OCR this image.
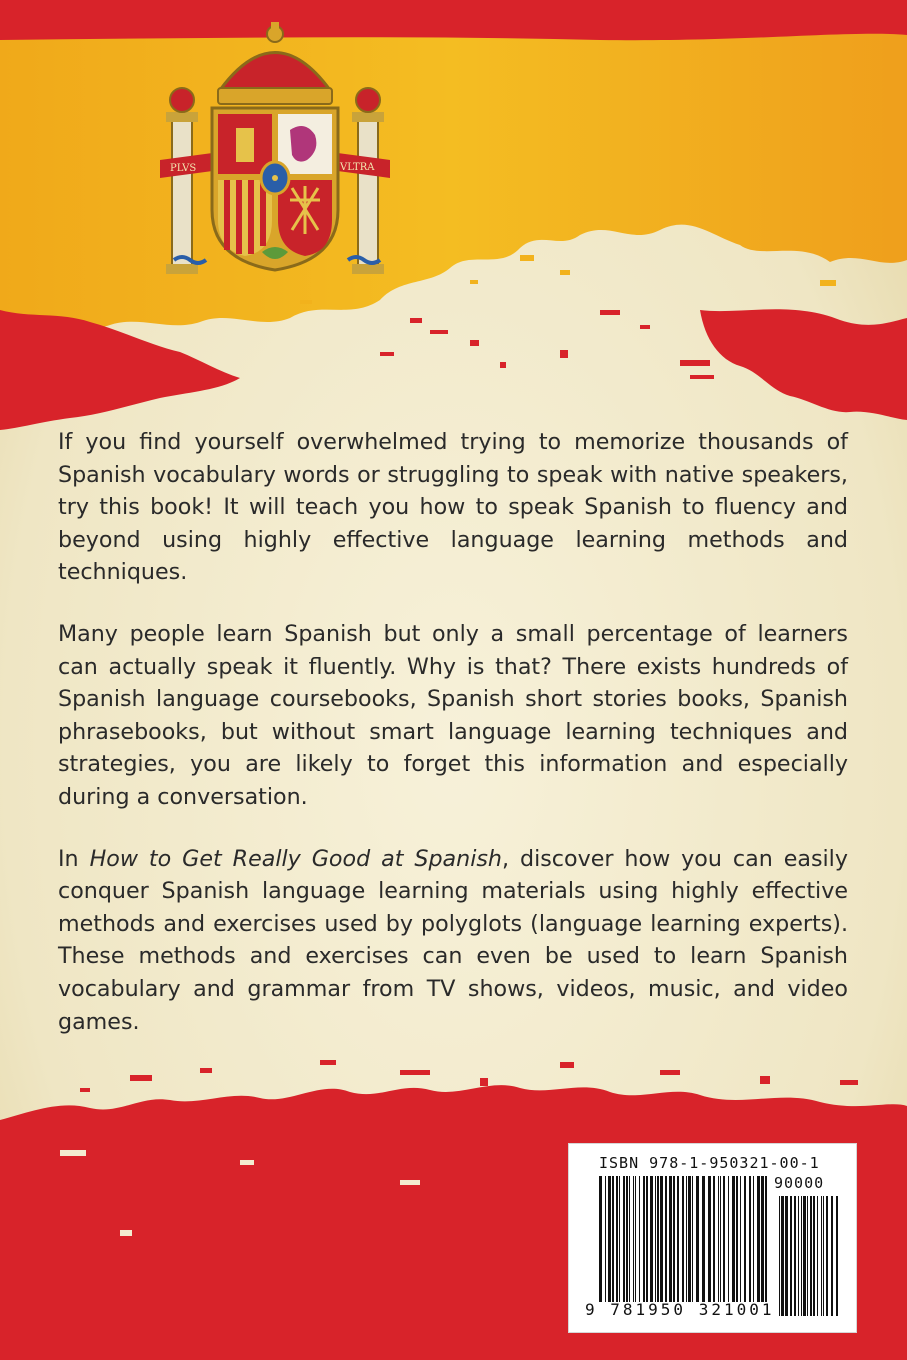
PLVS	VLTRA

If you find yourself overwhelmed trying to memorize thousands of Spanish vocabulary words or struggling to speak with native speakers, try this book! It will teach you how to speak Spanish to fluency and beyond using highly effective language learning methods and techniques.

Many people learn Spanish but only a small percentage of learners can actually speak it fluently. Why is that? There exists hundreds of Spanish language coursebooks, Spanish short stories books, Spanish phrasebooks, but without smart language learning techniques and strategies, you are likely to forget this information and especially during a conversation.

In How to Get Really Good at Spanish, discover how you can easily conquer Spanish language learning materials using highly effective methods and exercises used by polyglots (language learning experts). These methods and exercises can even be used to learn Spanish vocabulary and grammar from TV shows, videos, music, and video games.

ISBN 978-1-950321-00-1
90000
9 781950 321001
